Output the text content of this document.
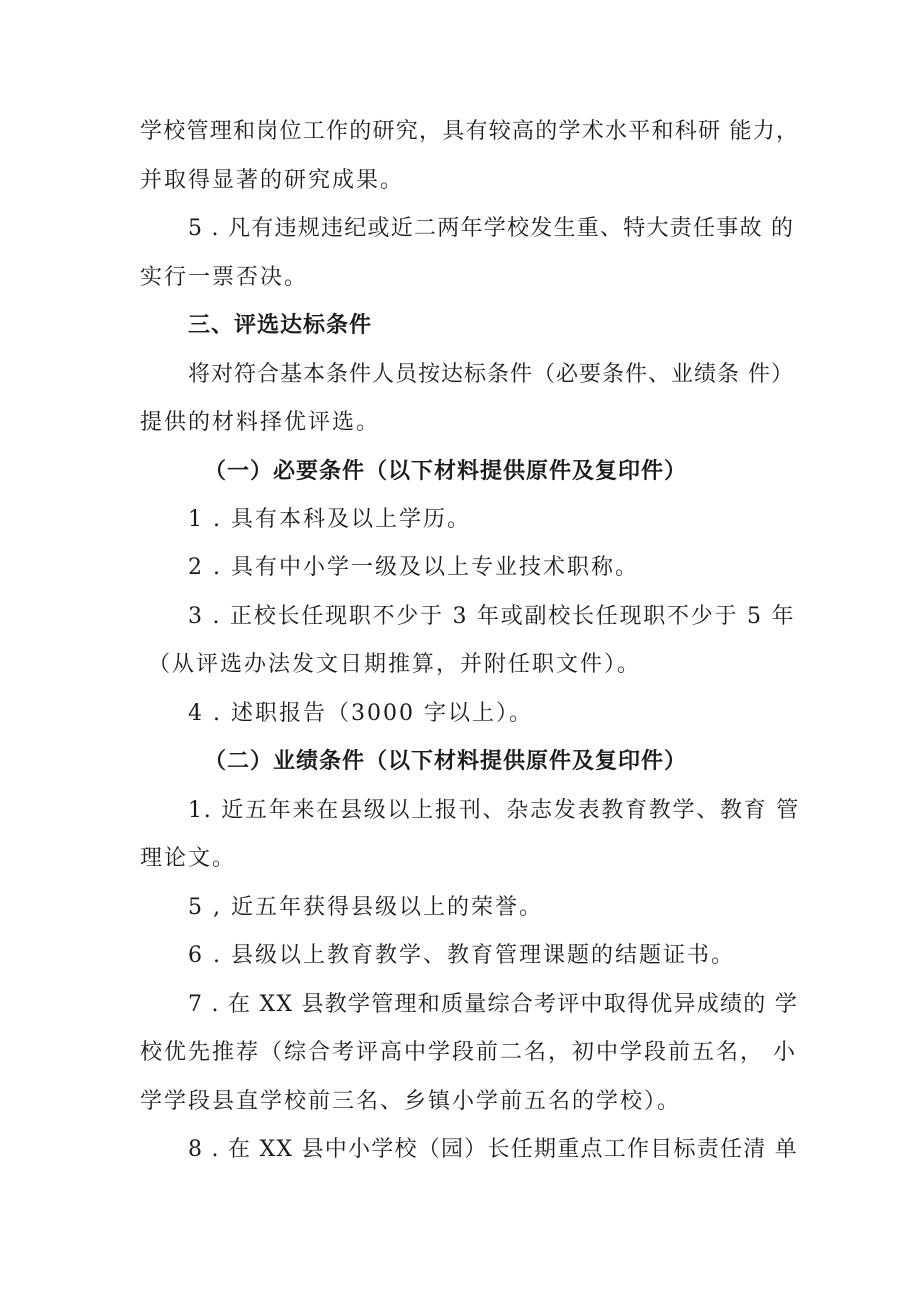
学校管理和岗位工作的研究，具有较高的学术水平和科研 能力，
并取得显著的研究成果。
5 . 凡有违规违纪或近二两年学校发生重、特大责任事故 的
实行一票否决。
三、评选达标条件
将对符合基本条件人员按达标条件（必要条件、业绩条 件）
提供的材料择优评选。
（一）必要条件（以下材料提供原件及复印件）
1 . 具有本科及以上学历。
2 . 具有中小学一级及以上专业技术职称。
3 . 正校长任现职不少于 3 年或副校长任现职不少于 5 年
（从评选办法发文日期推算，并附任职文件）。
4 . 述职报告（3000 字以上）。
（二）业绩条件（以下材料提供原件及复印件）
1. 近五年来在县级以上报刊、杂志发表教育教学、教育 管
理论文。
5 , 近五年获得县级以上的荣誉。
6 . 县级以上教育教学、教育管理课题的结题证书。
7 . 在 XX 县教学管理和质量综合考评中取得优异成绩的 学
校优先推荐（综合考评高中学段前二名，初中学段前五名， 小
学学段县直学校前三名、乡镇小学前五名的学校）。
8 . 在 XX 县中小学校（园）长任期重点工作目标责任清 单
